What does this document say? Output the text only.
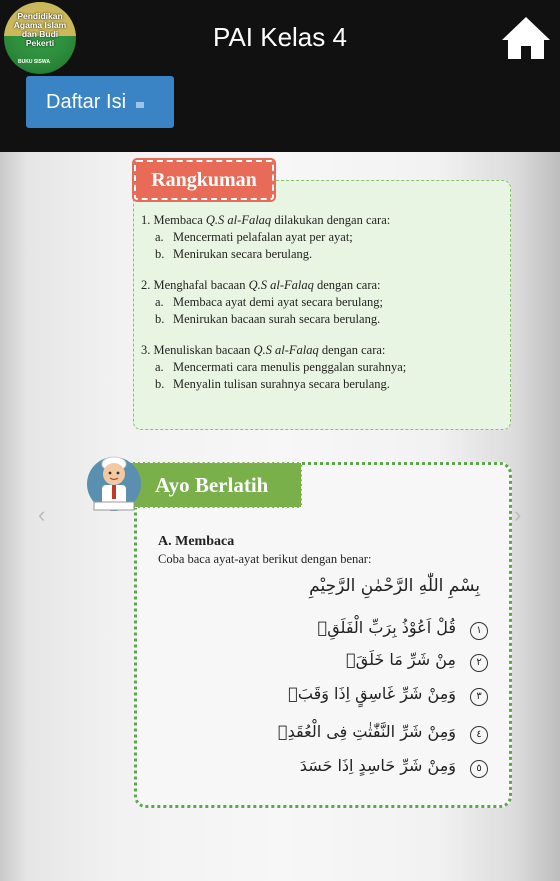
Pendidikan Agama Islam dan Budi Pekerti
BUKU SISWA
PAI Kelas 4
Daftar Isi
‹	›
Rangkuman

1. Membaca Q.S al-Falaq dilakukan dengan cara:

a. Mencermati pelafalan ayat per ayat;

b. Menirukan secara berulang.

2. Menghafal bacaan Q.S al-Falaq dengan cara:

a. Membaca ayat demi ayat secara berulang;

b. Menirukan bacaan surah secara berulang.

3. Menuliskan bacaan Q.S al-Falaq dengan cara:

a. Mencermati cara menulis penggalan surahnya;

b. Menyalin tulisan surahnya secara berulang.

Ayo Berlatih
A. Membaca
Coba baca ayat-ayat berikut dengan benar:
بِسْمِ اللّٰهِ الرَّحْمٰنِ الرَّحِيْمِ
١
قُلْ اَعُوْذُ بِرَبِّ الْفَلَقِۙ
٢
مِنْ شَرِّ مَا خَلَقَۙ
٣
وَمِنْ شَرِّ غَاسِقٍ اِذَا وَقَبَۙ
٤
وَمِنْ شَرِّ النَّفّٰثٰتِ فِى الْعُقَدِۙ
٥
وَمِنْ شَرِّ حَاسِدٍ اِذَا حَسَدَ
